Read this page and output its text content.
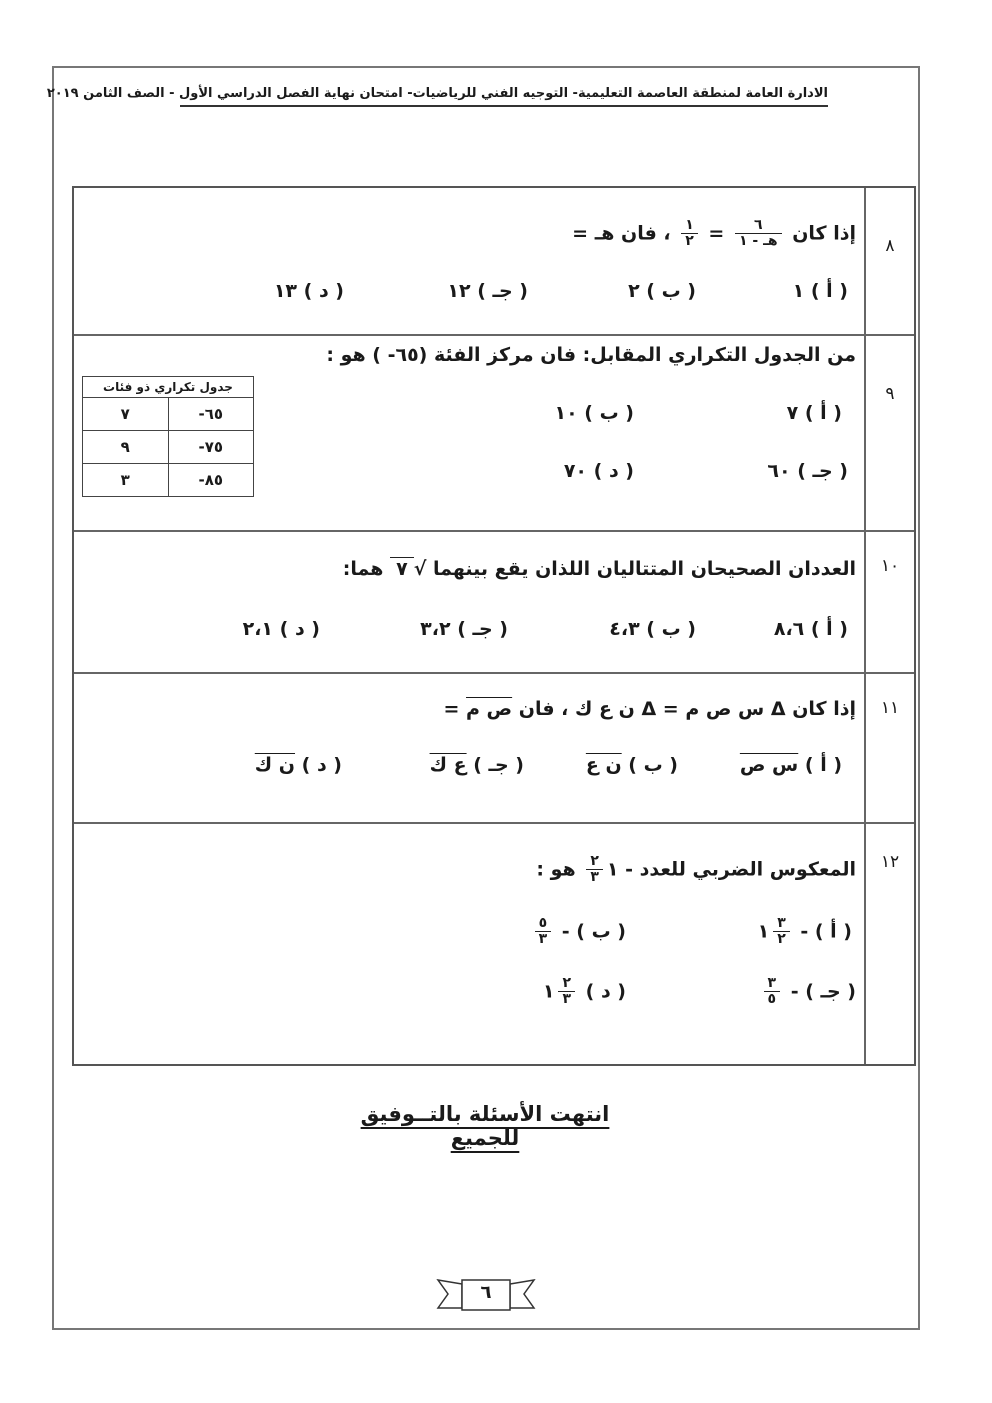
الادارة العامة لمنطقة العاصمة التعليمية- التوجيه الفني للرياضيات- امتحان نهاية الفصل الدراسي الأول - الصف الثامن ٢٠١٩
٨
إذا كان
$\frac{٦}{\text{هـ - ١}}$
=
$\frac{١}{٢}$
، فان هـ =
( أ ) ١
( ب ) ٢
( جـ ) ١٢
( د ) ١٣
٩
من الجدول التكراري المقابل: فان مركز الفئة (٦٥- ) هو :
( أ ) ٧
( ب ) ١٠
( جـ ) ٦٠
( د ) ٧٠
جدول تكراري ذو فئات	
٦٥-	٧
٧٥-	٩
٨٥-	٣
١٠
العددان الصحيحان المتتاليان اللذان يقع بينهما √٧ هما:
( أ ) ٨،٦
( ب ) ٤،٣
( جـ ) ٣،٢
( د ) ٢،١
١١
إذا كان Δ س ص م = Δ ن ع ك ، فان ص م =
( أ ) س ص
( ب ) ن ع
( جـ ) ع ك
( د ) ن ك
١٢
المعكوس الضربي للعدد - ١
$\frac{٢}{٣}$
هو :
( أ ) -
$\frac{٣}{٢}$
١
( ب ) -
$\frac{٥}{٣}$
( جـ ) -
$\frac{٣}{٥}$
( د )
$\frac{٢}{٣}$
١
انتهت الأسئلة بالتــوفيق للجميع
٦
